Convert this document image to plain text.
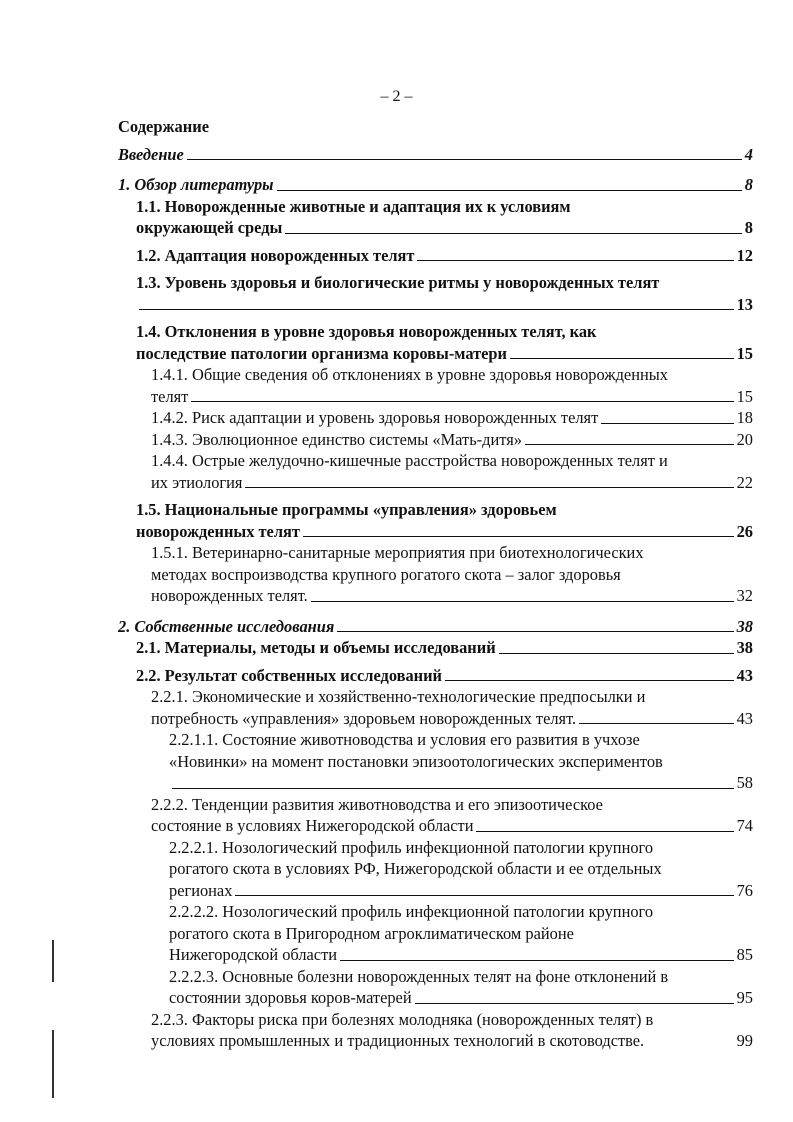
– 2 –
Содержание
Введение	4
1. Обзор литературы	8
1.1. Новорожденные животные и адаптация их к условиям
окружающей среды	8
1.2. Адаптация новорожденных телят	12
1.3. Уровень здоровья и биологические ритмы у новорожденных телят
13
1.4. Отклонения в уровне здоровья новорожденных телят, как
последствие патологии организма коровы-матери	15
1.4.1. Общие сведения об отклонениях в уровне здоровья новорожденных
телят	15
1.4.2. Риск адаптации и уровень здоровья новорожденных телят	18
1.4.3. Эволюционное единство системы «Мать-дитя»	20
1.4.4. Острые желудочно-кишечные расстройства новорожденных телят и
их этиология	22
1.5. Национальные программы «управления» здоровьем
новорожденных телят	26
1.5.1. Ветеринарно-санитарные мероприятия при биотехнологических
методах воспроизводства крупного рогатого скота – залог здоровья
новорожденных телят.	32
2. Собственные исследования	38
2.1. Материалы, методы и объемы исследований	38
2.2. Результат собственных исследований	43
2.2.1. Экономические и хозяйственно-технологические предпосылки и
потребность «управления» здоровьем новорожденных телят.	43
2.2.1.1. Состояние животноводства и условия его развития в учхозе
«Новинки» на момент постановки эпизоотологических экспериментов
58
2.2.2. Тенденции развития животноводства и его эпизоотическое
состояние в условиях Нижегородской области	74
2.2.2.1. Нозологический профиль инфекционной патологии крупного
рогатого скота в условиях РФ, Нижегородской области и ее отдельных
регионах	76
2.2.2.2. Нозологический профиль инфекционной патологии крупного
рогатого скота в Пригородном агроклиматическом районе
Нижегородской области	85
2.2.2.3. Основные болезни новорожденных телят на фоне отклонений в
состоянии здоровья коров-матерей	95
2.2.3. Факторы риска при болезнях молодняка (новорожденных телят) в
условиях промышленных и традиционных технологий в скотоводстве.	99
